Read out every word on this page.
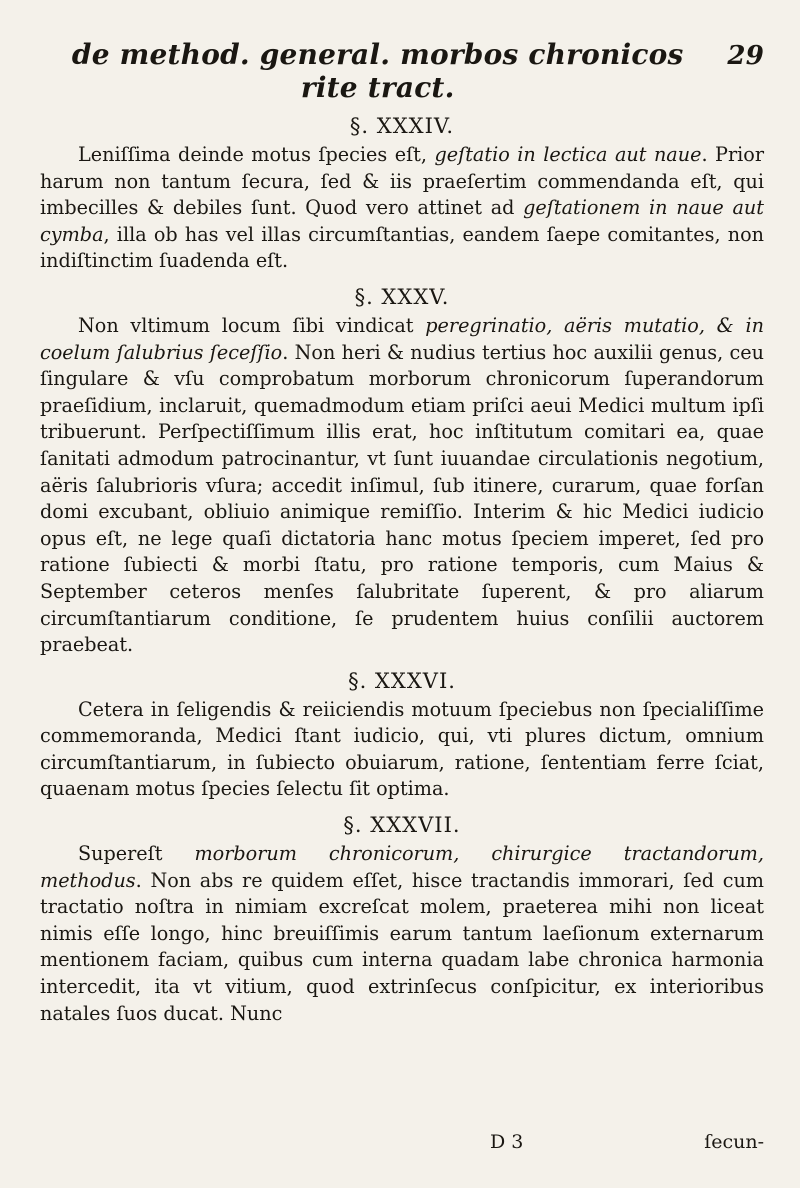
de method. general. morbos chronicos rite tract.
29
§. XXXIV.

Leniſſima deinde motus ſpecies eſt, geſtatio in lectica aut naue. Prior harum non tantum ſecura, ſed & iis praeſertim commendanda eſt, qui imbecilles & debiles ſunt. Quod vero attinet ad geſtationem in naue aut cymba, illa ob has vel illas circumſtantias, eandem ſaepe comitantes, non indiſtinctim ſuadenda eſt.

§. XXXV.

Non vltimum locum ſibi vindicat peregrinatio, aëris mutatio, & in coelum ſalubrius ſeceſſio. Non heri & nudius tertius hoc auxilii genus, ceu ſingulare & vſu comprobatum morborum chronicorum ſuperandorum praeſidium, inclaruit, quemadmodum etiam priſci aeui Medici multum ipſi tribuerunt. Perſpectiſſimum illis erat, hoc inſtitutum comitari ea, quae ſanitati admodum patrocinantur, vt ſunt iuuandae circulationis negotium, aëris ſalubrioris vſura; accedit inſimul, ſub itinere, curarum, quae forſan domi excubant, obliuio animique remiſſio. Interim & hic Medici iudicio opus eſt, ne lege quaſi dictatoria hanc motus ſpeciem imperet, ſed pro ratione ſubiecti & morbi ſtatu, pro ratione temporis, cum Maius & September ceteros menſes ſalubritate ſuperent, & pro aliarum circumſtantiarum conditione, ſe prudentem huius conſilii auctorem praebeat.

§. XXXVI.

Cetera in ſeligendis & reiiciendis motuum ſpeciebus non ſpecialiſſime commemoranda, Medici ſtant iudicio, qui, vti plures dictum, omnium circumſtantiarum, in ſubiecto obuiarum, ratione, ſententiam ferre ſciat, quaenam motus ſpecies ſelectu ſit optima.

§. XXXVII.

Supereſt morborum chronicorum, chirurgice tractandorum, methodus. Non abs re quidem eſſet, hisce tractandis immorari, ſed cum tractatio noſtra in nimiam excreſcat molem, praeterea mihi non liceat nimis eſſe longo, hinc breuiſſimis earum tantum laeſionum externarum mentionem faciam, quibus cum interna quadam labe chronica harmonia intercedit, ita vt vitium, quod extrinſecus conſpicitur, ex interioribus natales ſuos ducat. Nunc

D 3	ſecun-
